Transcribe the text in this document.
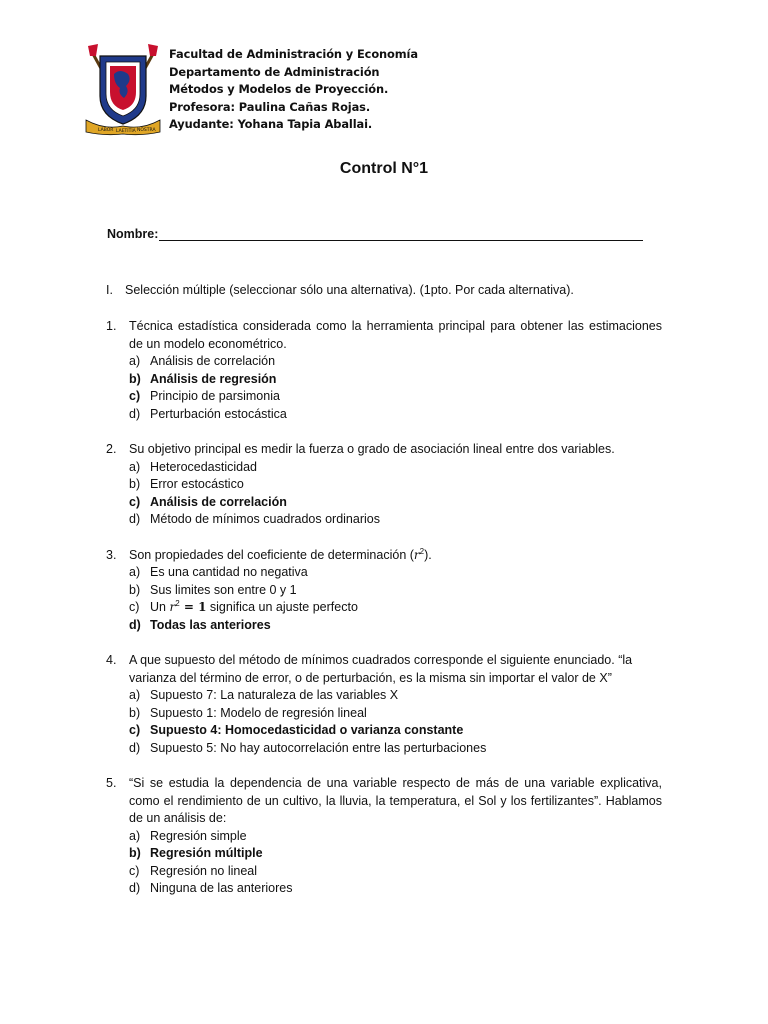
LABOR LAETITIA NOSTRA
Facultad de Administración y Economía
Departamento de Administración
Métodos y Modelos de Proyección.
Profesora: Paulina Cañas Rojas.
Ayudante: Yohana Tapia Aballai.
Control N°1
Nombre:
I. Selección múltiple (seleccionar sólo una alternativa). (1pto. Por cada alternativa).
1.	Técnica estadística considerada como la herramienta principal para obtener las estimaciones de un modelo econométrico.
a) Análisis de correlación
b) Análisis de regresión
c) Principio de parsimonia
d) Perturbación estocástica
2.	Su objetivo principal es medir la fuerza o grado de asociación lineal entre dos variables.
a) Heterocedasticidad
b) Error estocástico
c) Análisis de correlación
d) Método de mínimos cuadrados ordinarios
3.	Son propiedades del coeficiente de determinación $(r^2)$.
a) Es una cantidad no negativa
b) Sus limites son entre 0 y 1
c) Un $r^2 = 1$ significa un ajuste perfecto
d) Todas las anteriores
4.	A que supuesto del método de mínimos cuadrados corresponde el siguiente enunciado. “la varianza del término de error, o de perturbación, es la misma sin importar el valor de X”
a) Supuesto 7: La naturaleza de las variables X
b) Supuesto 1: Modelo de regresión lineal
c) Supuesto 4: Homocedasticidad o varianza constante
d) Supuesto 5: No hay autocorrelación entre las perturbaciones
5.	“Si se estudia la dependencia de una variable respecto de más de una variable explicativa, como el rendimiento de un cultivo, la lluvia, la temperatura, el Sol y los fertilizantes”. Hablamos de un análisis de:
a) Regresión simple
b) Regresión múltiple
c) Regresión no lineal
d) Ninguna de las anteriores
